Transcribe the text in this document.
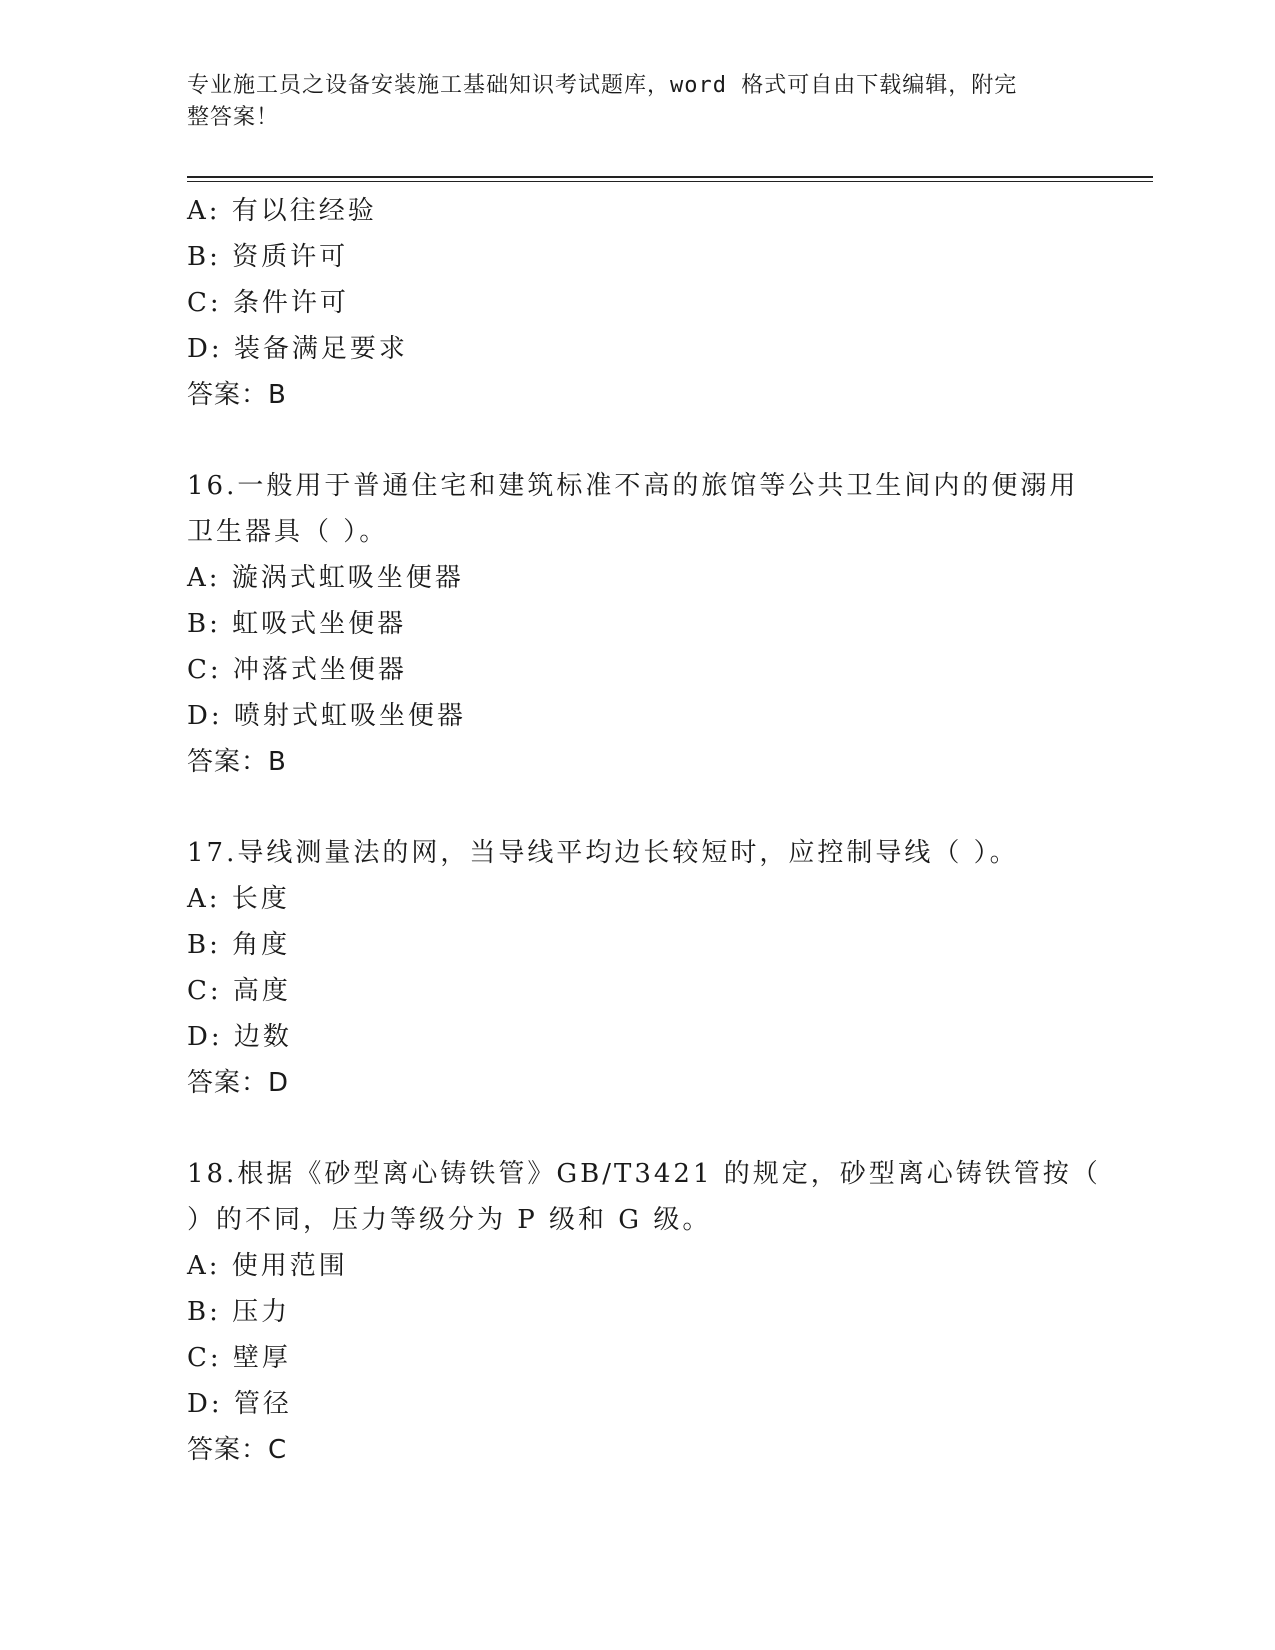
专业施工员之设备安装施工基础知识考试题库，word 格式可自由下载编辑，附完
整答案！
A: 有以往经验
B: 资质许可
C: 条件许可
D: 装备满足要求
答案：B
16.一般用于普通住宅和建筑标准不高的旅馆等公共卫生间内的便溺用
卫生器具（ ）。
A: 漩涡式虹吸坐便器
B: 虹吸式坐便器
C: 冲落式坐便器
D: 喷射式虹吸坐便器
答案：B
17.导线测量法的网，当导线平均边长较短时，应控制导线（ ）。
A: 长度
B: 角度
C: 高度
D: 边数
答案：D
18.根据《砂型离心铸铁管》GB/T3421 的规定，砂型离心铸铁管按（
）的不同，压力等级分为 P 级和 G 级。
A: 使用范围
B: 压力
C: 壁厚
D: 管径
答案：C
